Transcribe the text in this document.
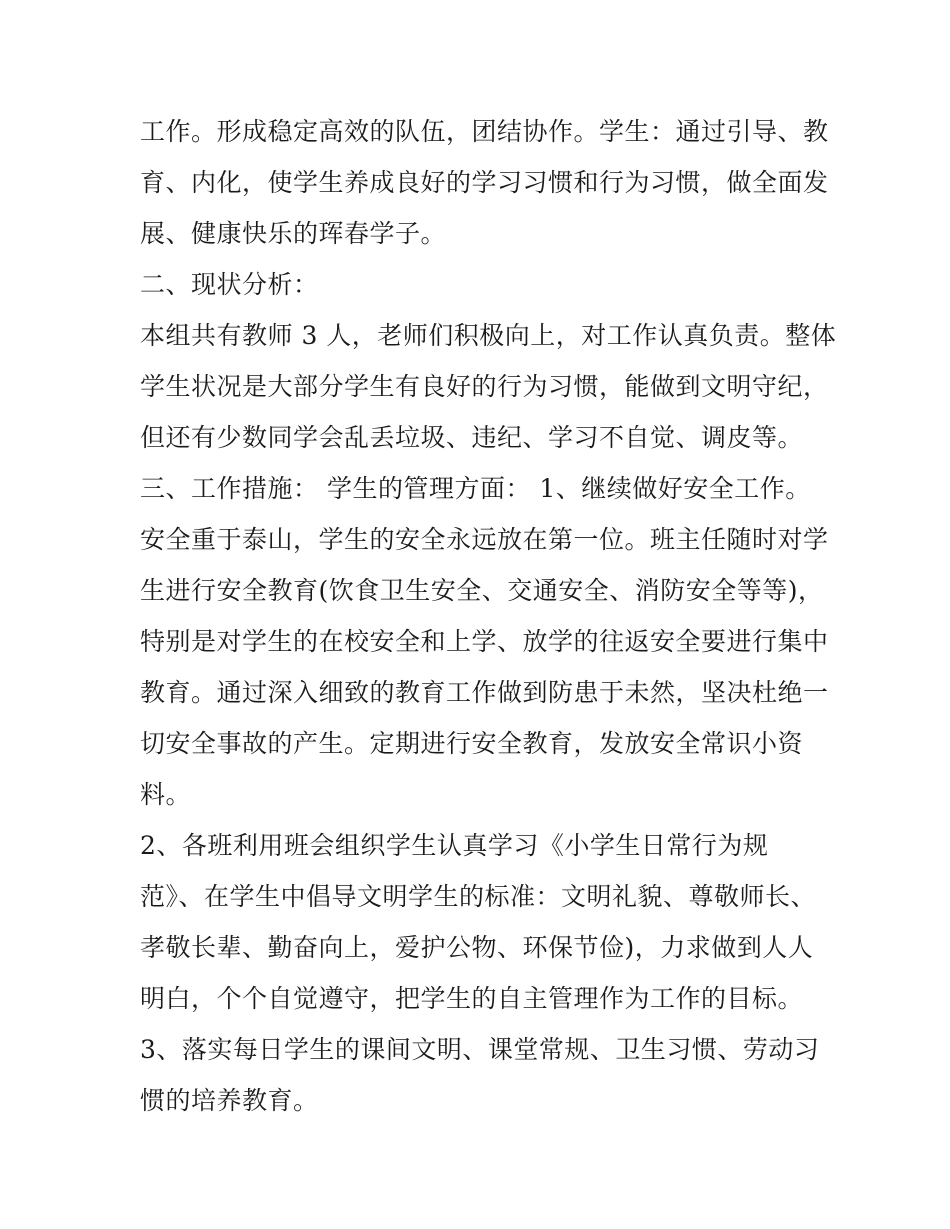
工作。形成稳定高效的队伍，团结协作。学生：通过引导、教
育、内化，使学生养成良好的学习习惯和行为习惯，做全面发
展、健康快乐的珲春学子。
二、现状分析：
本组共有教师 3 人，老师们积极向上，对工作认真负责。整体
学生状况是大部分学生有良好的行为习惯，能做到文明守纪，
但还有少数同学会乱丢垃圾、违纪、学习不自觉、调皮等。
三、工作措施： 学生的管理方面： 1、继续做好安全工作。
安全重于泰山，学生的安全永远放在第一位。班主任随时对学
生进行安全教育(饮食卫生安全、交通安全、消防安全等等)，
特别是对学生的在校安全和上学、放学的往返安全要进行集中
教育。通过深入细致的教育工作做到防患于未然，坚决杜绝一
切安全事故的产生。定期进行安全教育，发放安全常识小资
料。
2、各班利用班会组织学生认真学习《小学生日常行为规
范》、在学生中倡导文明学生的标准：文明礼貌、尊敬师长、
孝敬长辈、勤奋向上，爱护公物、环保节俭)，力求做到人人
明白，个个自觉遵守，把学生的自主管理作为工作的目标。
3、落实每日学生的课间文明、课堂常规、卫生习惯、劳动习
惯的培养教育。
